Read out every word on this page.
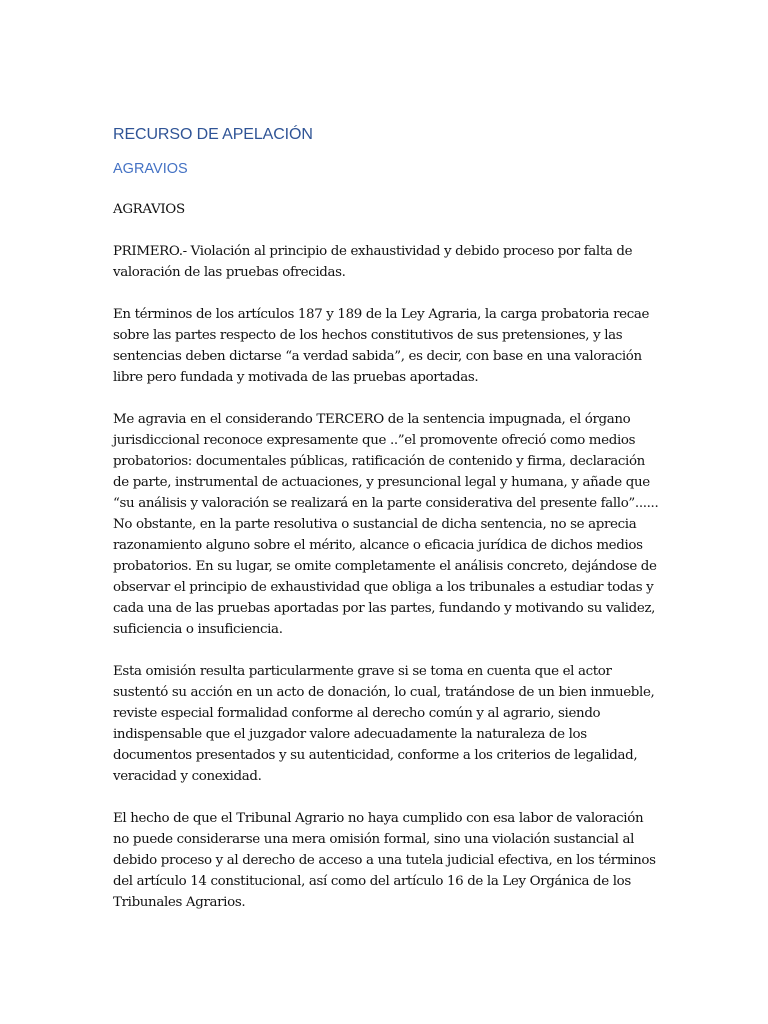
RECURSO DE APELACIÓN
AGRAVIOS

AGRAVIOS

PRIMERO.- Violación al principio de exhaustividad y debido proceso por falta de
valoración de las pruebas ofrecidas.

En términos de los artículos 187 y 189 de la Ley Agraria, la carga probatoria recae
sobre las partes respecto de los hechos constitutivos de sus pretensiones, y las
sentencias deben dictarse “a verdad sabida”, es decir, con base en una valoración
libre pero fundada y motivada de las pruebas aportadas.

Me agravia en el considerando TERCERO de la sentencia impugnada, el órgano
jurisdiccional reconoce expresamente que ..”el promovente ofreció como medios
probatorios: documentales públicas, ratificación de contenido y firma, declaración
de parte, instrumental de actuaciones, y presuncional legal y humana, y añade que
“su análisis y valoración se realizará en la parte considerativa del presente fallo”......
No obstante, en la parte resolutiva o sustancial de dicha sentencia, no se aprecia
razonamiento alguno sobre el mérito, alcance o eficacia jurídica de dichos medios
probatorios. En su lugar, se omite completamente el análisis concreto, dejándose de
observar el principio de exhaustividad que obliga a los tribunales a estudiar todas y
cada una de las pruebas aportadas por las partes, fundando y motivando su validez,
suficiencia o insuficiencia.

Esta omisión resulta particularmente grave si se toma en cuenta que el actor
sustentó su acción en un acto de donación, lo cual, tratándose de un bien inmueble,
reviste especial formalidad conforme al derecho común y al agrario, siendo
indispensable que el juzgador valore adecuadamente la naturaleza de los
documentos presentados y su autenticidad, conforme a los criterios de legalidad,
veracidad y conexidad.

El hecho de que el Tribunal Agrario no haya cumplido con esa labor de valoración
no puede considerarse una mera omisión formal, sino una violación sustancial al
debido proceso y al derecho de acceso a una tutela judicial efectiva, en los términos
del artículo 14 constitucional, así como del artículo 16 de la Ley Orgánica de los
Tribunales Agrarios.
